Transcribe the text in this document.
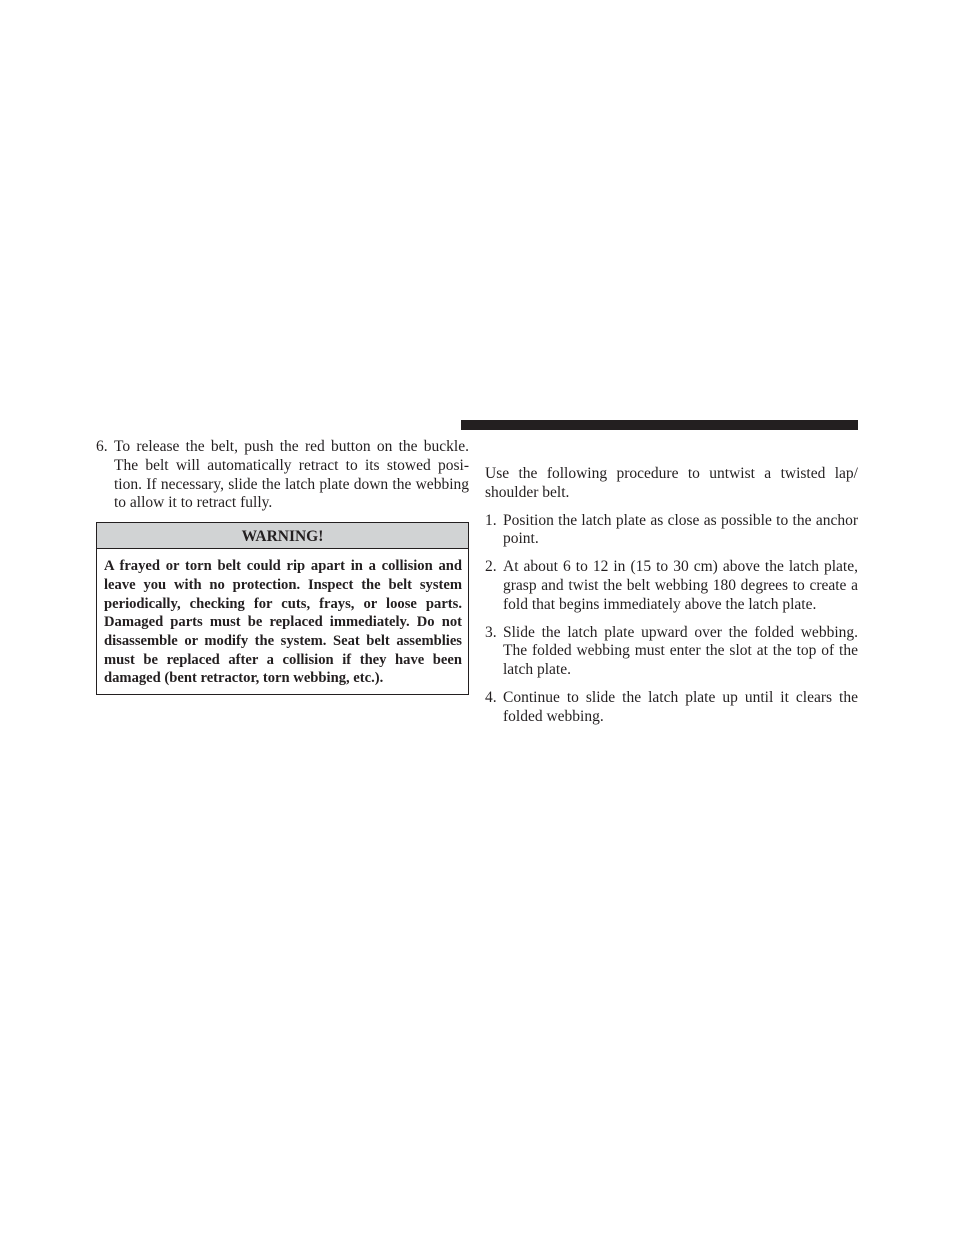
6. To release the belt, push the red button on the buckle. The belt will automatically retract to its stowed posi-tion. If necessary, slide the latch plate down the webbing to allow it to retract fully.
WARNING!
A frayed or torn belt could rip apart in a collision and leave you with no protection. Inspect the belt system periodically, checking for cuts, frays, or loose parts. Damaged parts must be replaced immediately. Do not disassemble or modify the system. Seat belt assemblies must be replaced after a collision if they have been damaged (bent retractor, torn webbing, etc.).

Use the following procedure to untwist a twisted lap/ shoulder belt.

1. Position the latch plate as close as possible to the anchor point.
2. At about 6 to 12 in (15 to 30 cm) above the latch plate, grasp and twist the belt webbing 180 degrees to create a fold that begins immediately above the latch plate.
3. Slide the latch plate upward over the folded webbing. The folded webbing must enter the slot at the top of the latch plate.
4. Continue to slide the latch plate up until it clears the folded webbing.
